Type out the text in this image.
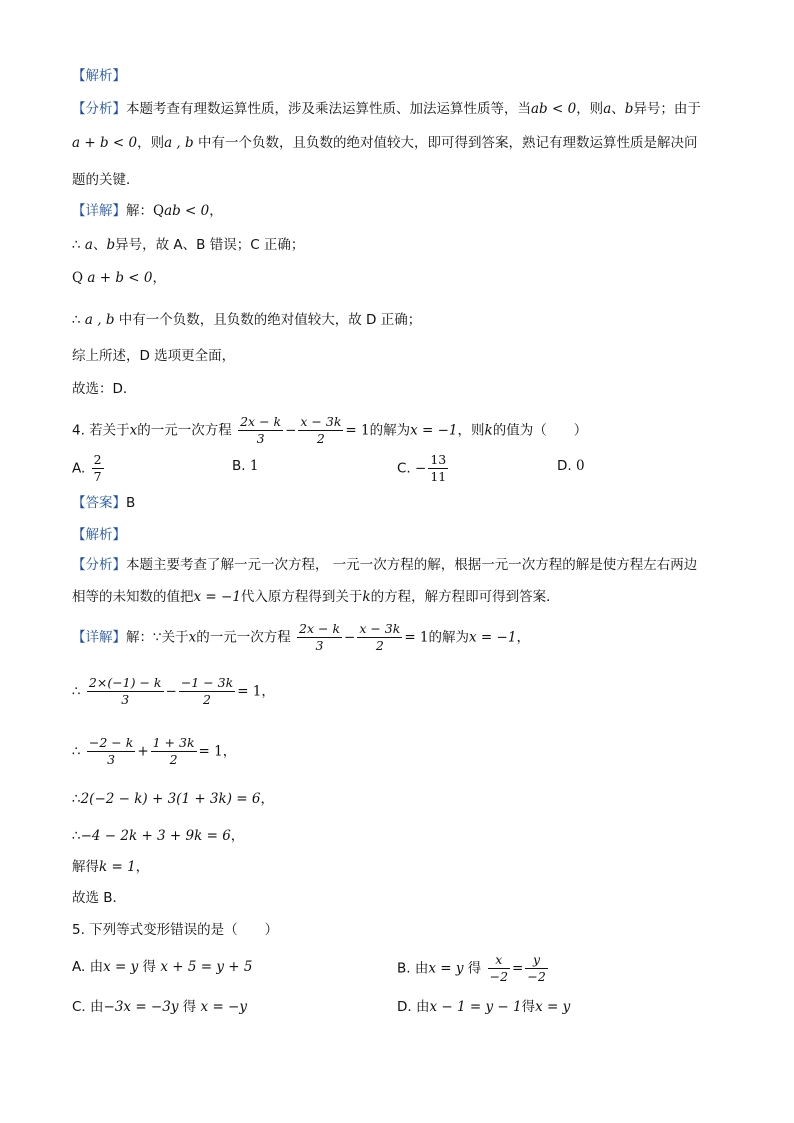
【解析】
【分析】本题考查有理数运算性质，涉及乘法运算性质、加法运算性质等，当ab < 0，则a、b异号；由于
a + b < 0，则a , b 中有一个负数，且负数的绝对值较大，即可得到答案，熟记有理数运算性质是解决问
题的关键．
【详解】解：Qab < 0，
∴ a、b异号，故 A、B 错误；C 正确；
Q a + b < 0，
∴ a , b 中有一个负数，且负数的绝对值较大，故 D 正确；
综上所述，D 选项更全面，
故选：D．
4. 若关于x的一元一次方程 $\frac{2x - k}{3} - \frac{x - 3k}{2} = 1$的解为x = −1，则k的值为（　　）
A. $\frac{2}{7}$	B. 1	C. − $\frac{13}{11}$	D. 0
【答案】B
【解析】
【分析】本题主要考查了解一元一次方程， 一元一次方程的解，根据一元一次方程的解是使方程左右两边
相等的未知数的值把x = −1代入原方程得到关于k的方程，解方程即可得到答案．
【详解】解：∵关于x的一元一次方程 $\frac{2x - k}{3} - \frac{x - 3k}{2} = 1$的解为x = −1，
∴ $\frac{2\times(-1) - k}{3} - \frac{-1 - 3k}{2} = 1$，
∴ $\frac{-2 - k}{3} + \frac{1 + 3k}{2} = 1$，
∴2(−2 − k) + 3(1 + 3k) = 6，
∴−4 − 2k + 3 + 9k = 6，
解得k = 1，
故选 B．
5. 下列等式变形错误的是（　　）
A. 由x = y 得 x + 5 = y + 5	B. 由x = y 得 $\frac{x}{-2} = \frac{y}{-2}$
C. 由−3x = −3y 得 x = −y	D. 由x − 1 = y − 1得x = y
